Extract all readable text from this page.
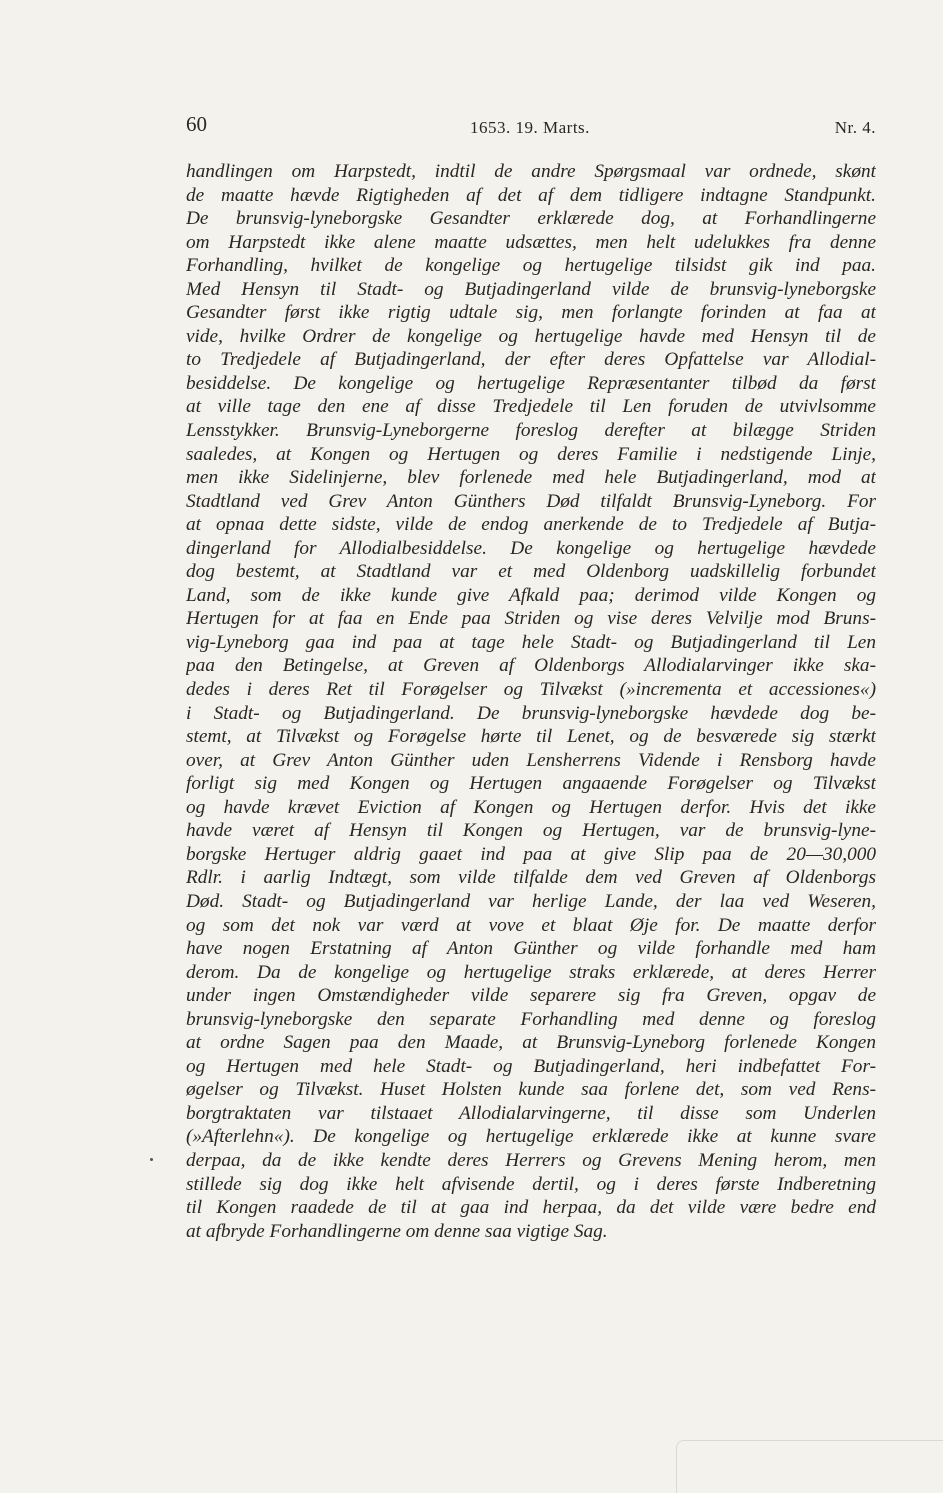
60	1653. 19. Marts.	Nr. 4.
handlingen om Harpstedt, indtil de andre Spørgsmaal var ordnede, skønt
de maatte hævde Rigtigheden af det af dem tidligere indtagne Standpunkt.
De brunsvig-lyneborgske Gesandter erklærede dog, at Forhandlingerne
om Harpstedt ikke alene maatte udsættes, men helt udelukkes fra denne
Forhandling, hvilket de kongelige og hertugelige tilsidst gik ind paa.
Med Hensyn til Stadt- og Butjadingerland vilde de brunsvig-lyneborgske
Gesandter først ikke rigtig udtale sig, men forlangte forinden at faa at
vide, hvilke Ordrer de kongelige og hertugelige havde med Hensyn til de
to Tredjedele af Butjadingerland, der efter deres Opfattelse var Allodial-
besiddelse. De kongelige og hertugelige Repræsentanter tilbød da først
at ville tage den ene af disse Tredjedele til Len foruden de utvivlsomme
Lensstykker. Brunsvig-Lyneborgerne foreslog derefter at bilægge Striden
saaledes, at Kongen og Hertugen og deres Familie i nedstigende Linje,
men ikke Sidelinjerne, blev forlenede med hele Butjadingerland, mod at
Stadtland ved Grev Anton Günthers Død tilfaldt Brunsvig-Lyneborg. For
at opnaa dette sidste, vilde de endog anerkende de to Tredjedele af Butja-
dingerland for Allodialbesiddelse. De kongelige og hertugelige hævdede
dog bestemt, at Stadtland var et med Oldenborg uadskillelig forbundet
Land, som de ikke kunde give Afkald paa; derimod vilde Kongen og
Hertugen for at faa en Ende paa Striden og vise deres Velvilje mod Bruns-
vig-Lyneborg gaa ind paa at tage hele Stadt- og Butjadingerland til Len
paa den Betingelse, at Greven af Oldenborgs Allodialarvinger ikke ska-
dedes i deres Ret til Forøgelser og Tilvækst (»incrementa et accessiones«)
i Stadt- og Butjadingerland. De brunsvig-lyneborgske hævdede dog be-
stemt, at Tilvækst og Forøgelse hørte til Lenet, og de besværede sig stærkt
over, at Grev Anton Günther uden Lensherrens Vidende i Rensborg havde
forligt sig med Kongen og Hertugen angaaende Forøgelser og Tilvækst
og havde krævet Eviction af Kongen og Hertugen derfor. Hvis det ikke
havde været af Hensyn til Kongen og Hertugen, var de brunsvig-lyne-
borgske Hertuger aldrig gaaet ind paa at give Slip paa de 20—30,000
Rdlr. i aarlig Indtægt, som vilde tilfalde dem ved Greven af Oldenborgs
Død. Stadt- og Butjadingerland var herlige Lande, der laa ved Weseren,
og som det nok var værd at vove et blaat Øje for. De maatte derfor
have nogen Erstatning af Anton Günther og vilde forhandle med ham
derom. Da de kongelige og hertugelige straks erklærede, at deres Herrer
under ingen Omstændigheder vilde separere sig fra Greven, opgav de
brunsvig-lyneborgske den separate Forhandling med denne og foreslog
at ordne Sagen paa den Maade, at Brunsvig-Lyneborg forlenede Kongen
og Hertugen med hele Stadt- og Butjadingerland, heri indbefattet For-
øgelser og Tilvækst. Huset Holsten kunde saa forlene det, som ved Rens-
borgtraktaten var tilstaaet Allodialarvingerne, til disse som Underlen
(»Afterlehn«). De kongelige og hertugelige erklærede ikke at kunne svare
derpaa, da de ikke kendte deres Herrers og Grevens Mening herom, men
stillede sig dog ikke helt afvisende dertil, og i deres første Indberetning
til Kongen raadede de til at gaa ind herpaa, da det vilde være bedre end
at afbryde Forhandlingerne om denne saa vigtige Sag.
